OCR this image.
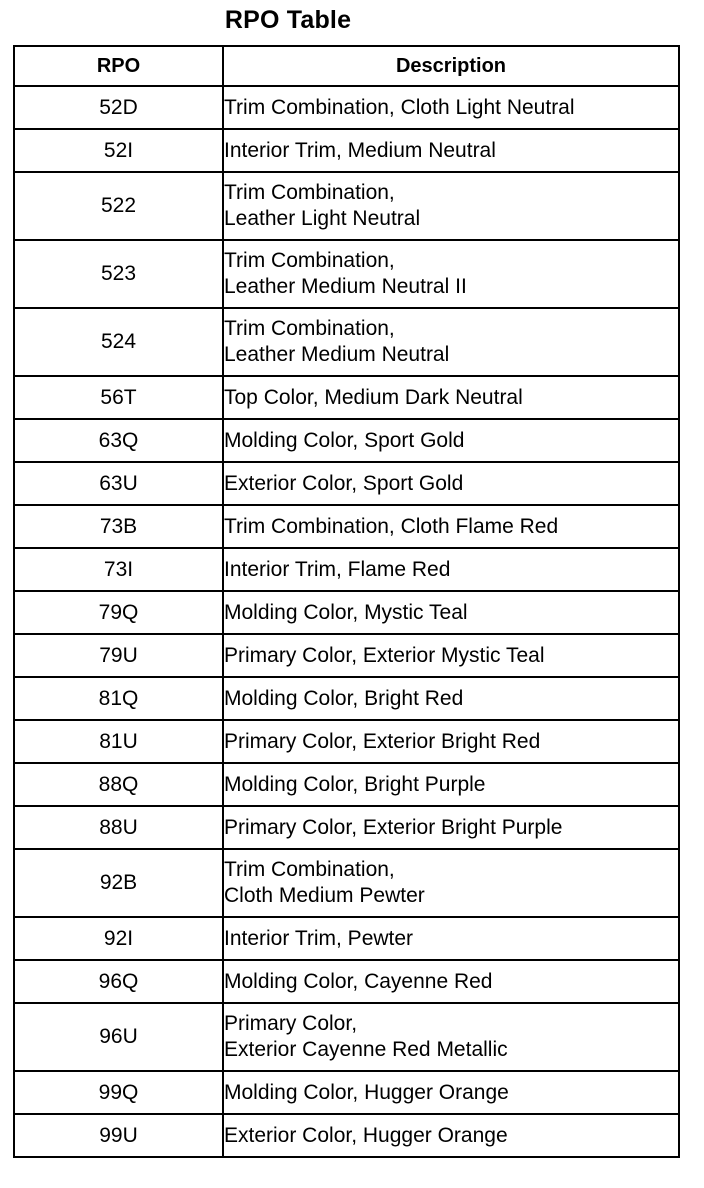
RPO Table
RPO	Description
52D	Trim Combination, Cloth Light Neutral

52I	Interior Trim, Medium Neutral

522	Trim Combination,
Leather Light Neutral

523	Trim Combination,
Leather Medium Neutral II

524	Trim Combination,
Leather Medium Neutral

56T	Top Color, Medium Dark Neutral

63Q	Molding Color, Sport Gold

63U	Exterior Color, Sport Gold

73B	Trim Combination, Cloth Flame Red

73I	Interior Trim, Flame Red

79Q	Molding Color, Mystic Teal

79U	Primary Color, Exterior Mystic Teal

81Q	Molding Color, Bright Red

81U	Primary Color, Exterior Bright Red

88Q	Molding Color, Bright Purple

88U	Primary Color, Exterior Bright Purple

92B	Trim Combination,
Cloth Medium Pewter

92I	Interior Trim, Pewter

96Q	Molding Color, Cayenne Red

96U	Primary Color,
Exterior Cayenne Red Metallic

99Q	Molding Color, Hugger Orange

99U	Exterior Color, Hugger Orange
